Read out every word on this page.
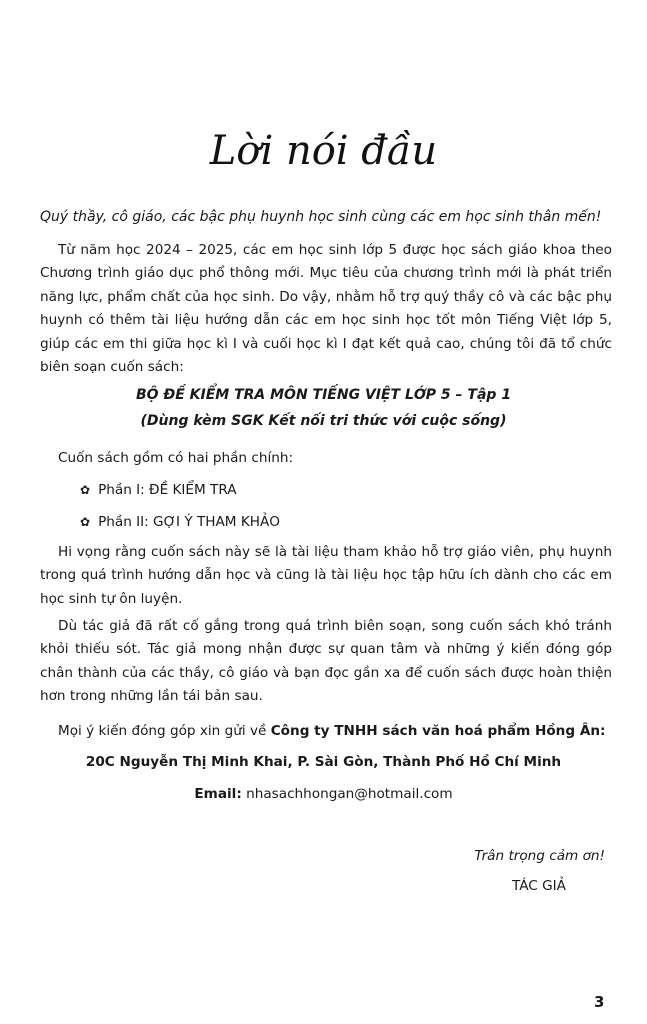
Lời nói đầu
Quý thầy, cô giáo, các bậc phụ huynh học sinh cùng các em học sinh thân mến!

Từ năm học 2024 – 2025, các em học sinh lớp 5 được học sách giáo khoa theo Chương trình giáo dục phổ thông mới. Mục tiêu của chương trình mới là phát triển năng lực, phẩm chất của học sinh. Do vậy, nhằm hỗ trợ quý thầy cô và các bậc phụ huynh có thêm tài liệu hướng dẫn các em học sinh học tốt môn Tiếng Việt lớp 5, giúp các em thi giữa học kì I và cuối học kì I đạt kết quả cao, chúng tôi đã tổ chức biên soạn cuốn sách:

BỘ ĐỀ KIỂM TRA MÔN TIẾNG VIỆT LỚP 5 – Tập 1
(Dùng kèm SGK Kết nối tri thức với cuộc sống)
Cuốn sách gồm có hai phần chính:
✿ Phần I: ĐỀ KIỂM TRA
✿ Phần II: GỢI Ý THAM KHẢO

Hi vọng rằng cuốn sách này sẽ là tài liệu tham khảo hỗ trợ giáo viên, phụ huynh trong quá trình hướng dẫn học và cũng là tài liệu học tập hữu ích dành cho các em học sinh tự ôn luyện.

Dù tác giả đã rất cố gắng trong quá trình biên soạn, song cuốn sách khó tránh khỏi thiếu sót. Tác giả mong nhận được sự quan tâm và những ý kiến đóng góp chân thành của các thầy, cô giáo và bạn đọc gần xa để cuốn sách được hoàn thiện hơn trong những lần tái bản sau.

Mọi ý kiến đóng góp xin gửi về Công ty TNHH sách văn hoá phẩm Hồng Ân:
20C Nguyễn Thị Minh Khai, P. Sài Gòn, Thành Phố Hồ Chí Minh
Email: nhasachhongan@hotmail.com
Trân trọng cảm ơn!
TÁC GIẢ
3
